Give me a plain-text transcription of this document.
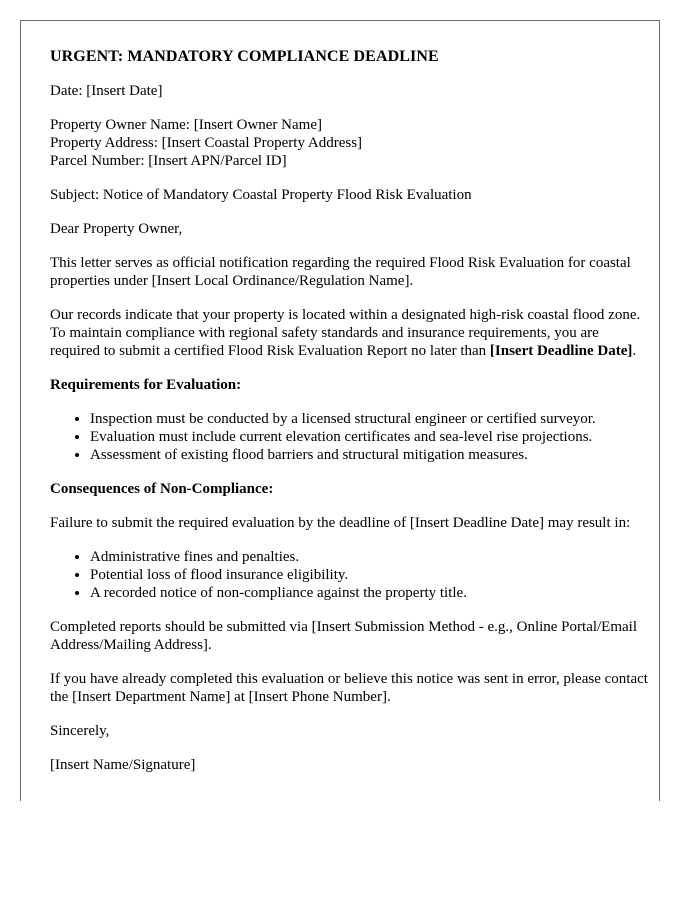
URGENT: MANDATORY COMPLIANCE DEADLINE

Date: [Insert Date]

Property Owner Name: [Insert Owner Name]
Property Address: [Insert Coastal Property Address]
Parcel Number: [Insert APN/Parcel ID]

Subject: Notice of Mandatory Coastal Property Flood Risk Evaluation

Dear Property Owner,

This letter serves as official notification regarding the required Flood Risk Evaluation for coastal properties under [Insert Local Ordinance/Regulation Name].

Our records indicate that your property is located within a designated high-risk coastal flood zone. To maintain compliance with regional safety standards and insurance requirements, you are required to submit a certified Flood Risk Evaluation Report no later than [Insert Deadline Date].

Requirements for Evaluation:
• Inspection must be conducted by a licensed structural engineer or certified surveyor.
• Evaluation must include current elevation certificates and sea-level rise projections.
• Assessment of existing flood barriers and structural mitigation measures.
Consequences of Non-Compliance:

Failure to submit the required evaluation by the deadline of [Insert Deadline Date] may result in:

• Administrative fines and penalties.
• Potential loss of flood insurance eligibility.
• A recorded notice of non-compliance against the property title.

Completed reports should be submitted via [Insert Submission Method - e.g., Online Portal/Email Address/Mailing Address].

If you have already completed this evaluation or believe this notice was sent in error, please contact the [Insert Department Name] at [Insert Phone Number].

Sincerely,

[Insert Name/Signature]
